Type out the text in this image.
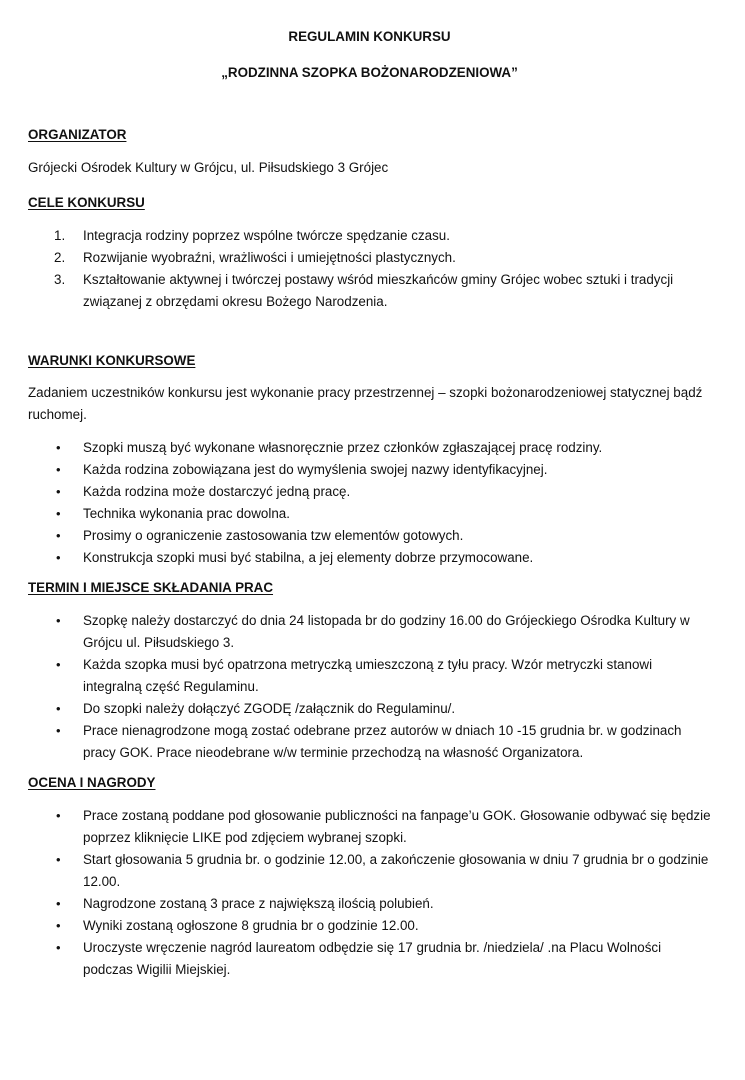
REGULAMIN KONKURSU
„RODZINNA SZOPKA BOŻONARODZENIOWA”
ORGANIZATOR

Grójecki Ośrodek Kultury w Grójcu, ul. Piłsudskiego 3 Grójec

CELE KONKURSU
1. Integracja rodziny poprzez wspólne twórcze spędzanie czasu.
2. Rozwijanie wyobraźni, wrażliwości i umiejętności plastycznych.
3. Kształtowanie aktywnej i twórczej postawy wśród mieszkańców gminy Grójec wobec sztuki i tradycji związanej z obrzędami okresu Bożego Narodzenia.
WARUNKI KONKURSOWE

Zadaniem uczestników konkursu jest wykonanie pracy przestrzennej – szopki bożonarodzeniowej statycznej bądź ruchomej.

• Szopki muszą być wykonane własnoręcznie przez członków zgłaszającej pracę rodziny.
• Każda rodzina zobowiązana jest do wymyślenia swojej nazwy identyfikacyjnej.
• Każda rodzina może dostarczyć jedną pracę.
• Technika wykonania prac dowolna.
• Prosimy o ograniczenie zastosowania tzw elementów gotowych.
• Konstrukcja szopki musi być stabilna, a jej elementy dobrze przymocowane.
TERMIN I MIEJSCE SKŁADANIA PRAC
• Szopkę należy dostarczyć do dnia 24 listopada br do godziny 16.00 do Grójeckiego Ośrodka Kultury w Grójcu ul. Piłsudskiego 3.
• Każda szopka musi być opatrzona metryczką umieszczoną z tyłu pracy. Wzór metryczki stanowi integralną część Regulaminu.
• Do szopki należy dołączyć ZGODĘ /załącznik do Regulaminu/.
• Prace nienagrodzone mogą zostać odebrane przez autorów w dniach 10 -15 grudnia br. w godzinach pracy GOK. Prace nieodebrane w/w terminie przechodzą na własność Organizatora.
OCENA I NAGRODY
• Prace zostaną poddane pod głosowanie publiczności na fanpage’u GOK. Głosowanie odbywać się będzie poprzez kliknięcie LIKE pod zdjęciem wybranej szopki.
• Start głosowania 5 grudnia br. o godzinie 12.00, a zakończenie głosowania w dniu 7 grudnia br o godzinie 12.00.
• Nagrodzone zostaną 3 prace z największą ilością polubień.
• Wyniki zostaną ogłoszone 8 grudnia br o godzinie 12.00.
• Uroczyste wręczenie nagród laureatom odbędzie się 17 grudnia br. /niedziela/ .na Placu Wolności podczas Wigilii Miejskiej.
